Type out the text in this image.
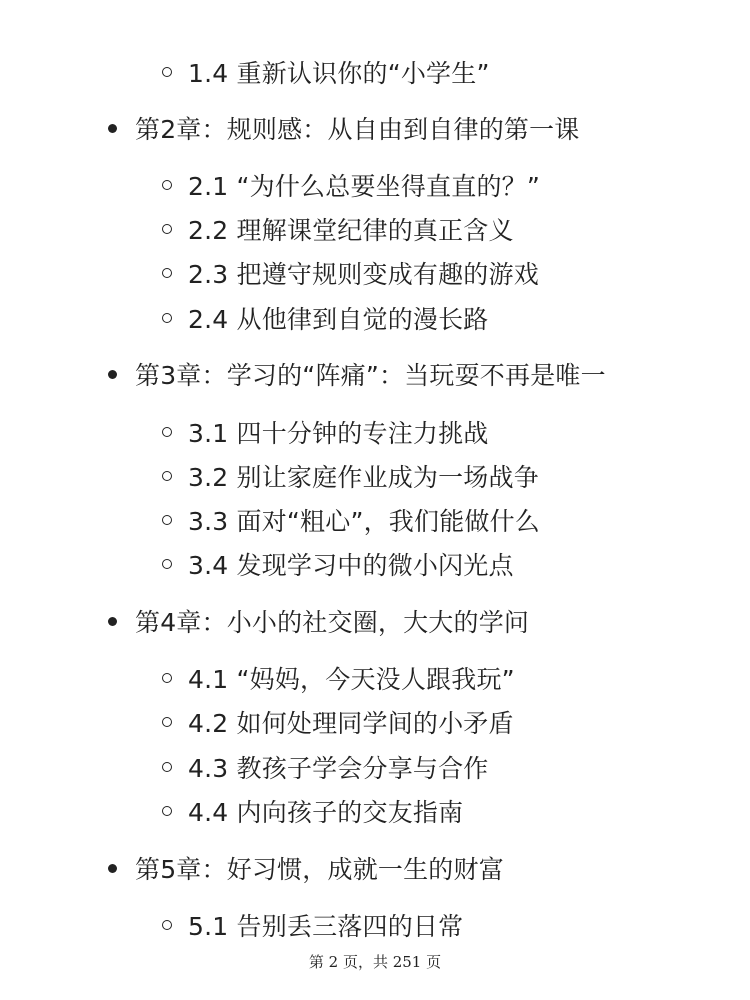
1.4 重新认识你的“小学生”
第2章：规则感：从自由到自律的第一课
2.1 “为什么总要坐得直直的？”
2.2 理解课堂纪律的真正含义
2.3 把遵守规则变成有趣的游戏
2.4 从他律到自觉的漫长路
第3章：学习的“阵痛”：当玩耍不再是唯一
3.1 四十分钟的专注力挑战
3.2 别让家庭作业成为一场战争
3.3 面对“粗心”，我们能做什么
3.4 发现学习中的微小闪光点
第4章：小小的社交圈，大大的学问
4.1 “妈妈，今天没人跟我玩”
4.2 如何处理同学间的小矛盾
4.3 教孩子学会分享与合作
4.4 内向孩子的交友指南
第5章：好习惯，成就一生的财富
5.1 告别丢三落四的日常
第 2 页，共 251 页
